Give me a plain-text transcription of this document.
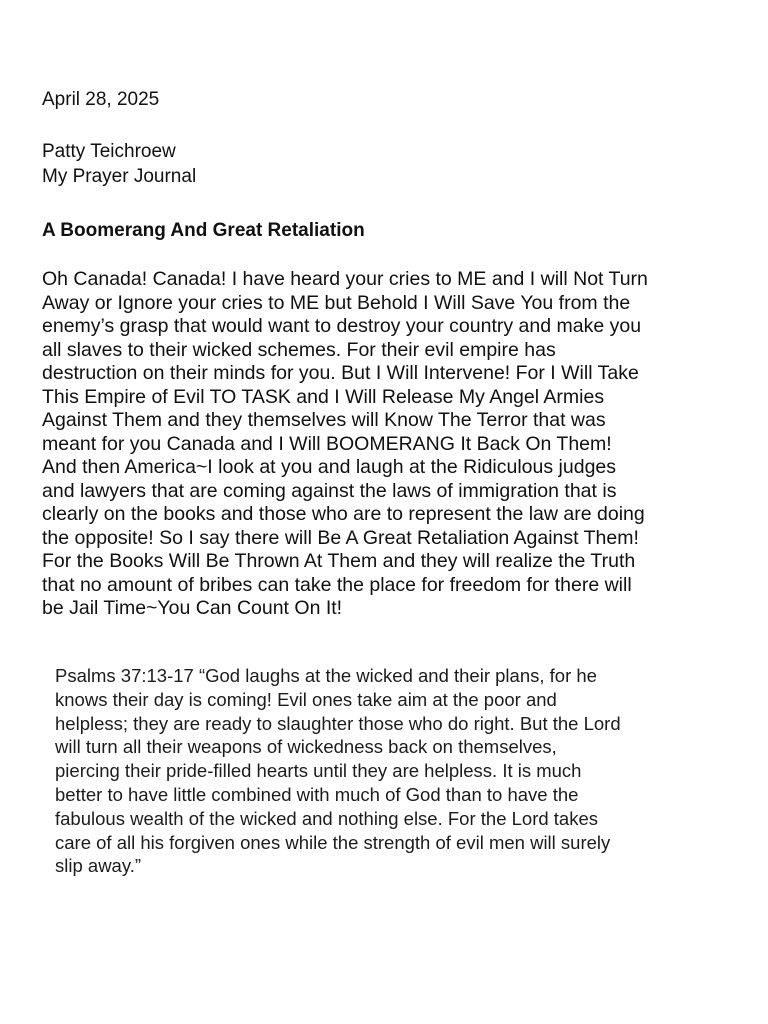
April 28, 2025
Patty Teichroew
My Prayer Journal
A Boomerang And Great Retaliation
Oh Canada! Canada! I have heard your cries to ME and I will Not Turn
Away or Ignore your cries to ME but Behold I Will Save You from the
enemy’s grasp that would want to destroy your country and make you
all slaves to their wicked schemes. For their evil empire has
destruction on their minds for you. But I Will Intervene! For I Will Take
This Empire of Evil TO TASK and I Will Release My Angel Armies
Against Them and they themselves will Know The Terror that was
meant for you Canada and I Will BOOMERANG It Back On Them!
And then America~I look at you and laugh at the Ridiculous judges
and lawyers that are coming against the laws of immigration that is
clearly on the books and those who are to represent the law are doing
the opposite! So I say there will Be A Great Retaliation Against Them!
For the Books Will Be Thrown At Them and they will realize the Truth
that no amount of bribes can take the place for freedom for there will
be Jail Time~You Can Count On It!
Psalms 37:13-17 “God laughs at the wicked and their plans, for he
knows their day is coming! Evil ones take aim at the poor and
helpless; they are ready to slaughter those who do right. But the Lord
will turn all their weapons of wickedness back on themselves,
piercing their pride-filled hearts until they are helpless. It is much
better to have little combined with much of God than to have the
fabulous wealth of the wicked and nothing else. For the Lord takes
care of all his forgiven ones while the strength of evil men will surely
slip away.”
